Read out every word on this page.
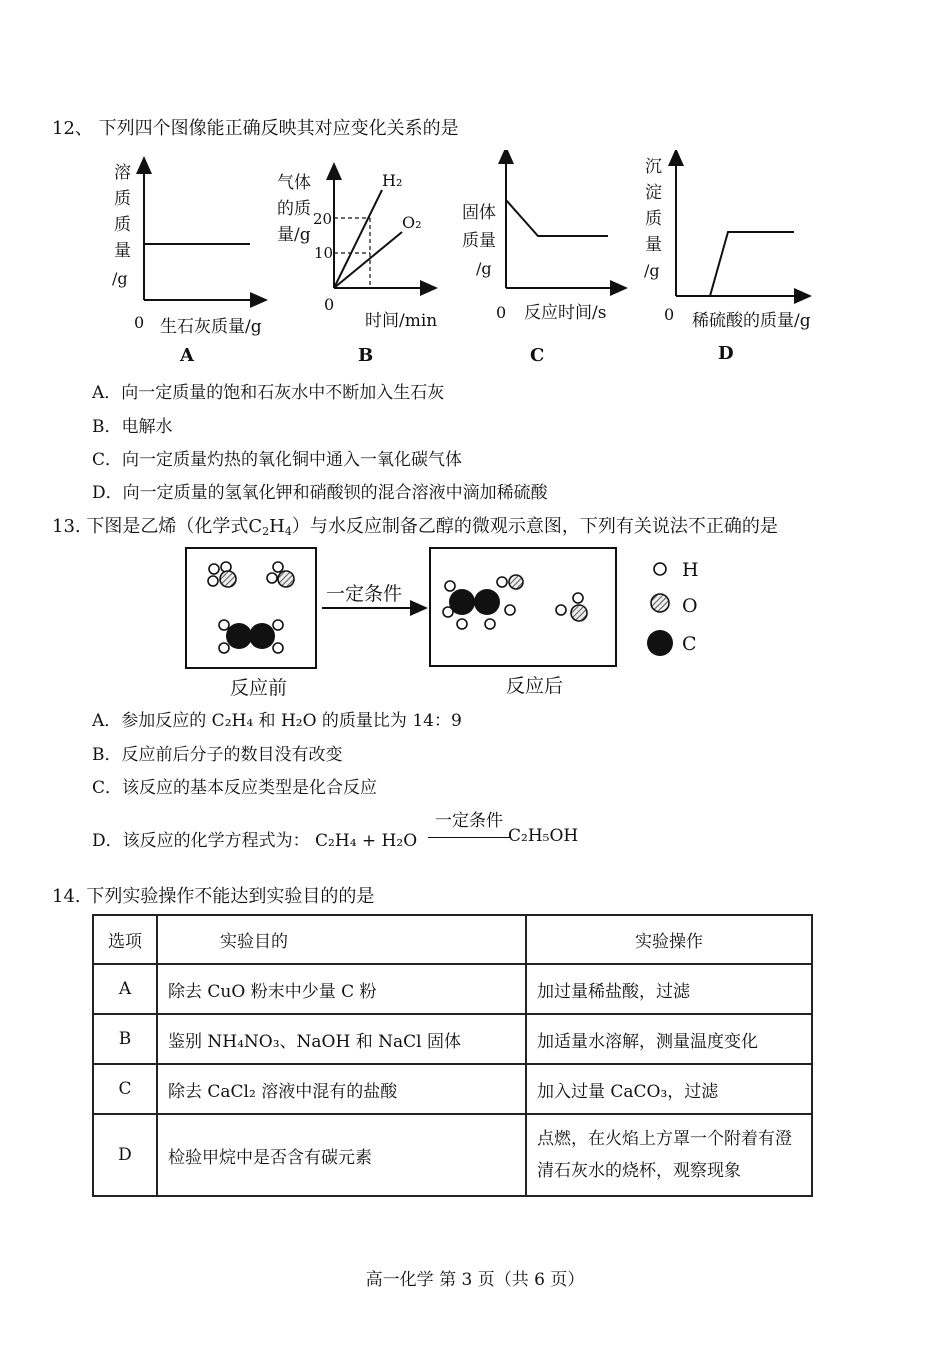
12、 下列四个图像能正确反映其对应变化关系的是
溶
质
质
量
/g
0 生石灰质量/g
A
气体
的质
量/g
20
10
H₂
O₂
0
时间/min
B
固体
质量
/g
0 反应时间/s
C
沉
淀
质
量
/g
0 稀硫酸的质量/g
D
A．向一定质量的饱和石灰水中不断加入生石灰
B．电解水
C．向一定质量灼热的氧化铜中通入一氧化碳气体
D．向一定质量的氢氧化钾和硝酸钡的混合溶液中滴加稀硫酸
13. 下图是乙烯（化学式$C_2H_4$）与水反应制备乙醇的微观示意图，下列有关说法不正确的是
一定条件
H
O
C
反应前	反应后
A．参加反应的 C₂H₄ 和 H₂O 的质量比为 14：9
B．反应前后分子的数目没有改变
C．该反应的基本反应类型是化合反应
D．该反应的化学方程式为： C₂H₄ + H₂O
一定条件
C₂H₅OH
14. 下列实验操作不能达到实验目的的是
选项	实验目的	实验操作
A	除去 CuO 粉末中少量 C 粉	加过量稀盐酸，过滤
B	鉴别 NH₄NO₃、NaOH 和 NaCl 固体	加适量水溶解，测量温度变化
C	除去 CaCl₂ 溶液中混有的盐酸	加入过量 CaCO₃，过滤
D	检验甲烷中是否含有碳元素	点燃，在火焰上方罩一个附着有澄清石灰水的烧杯，观察现象
高一化学 第 3 页（共 6 页）
